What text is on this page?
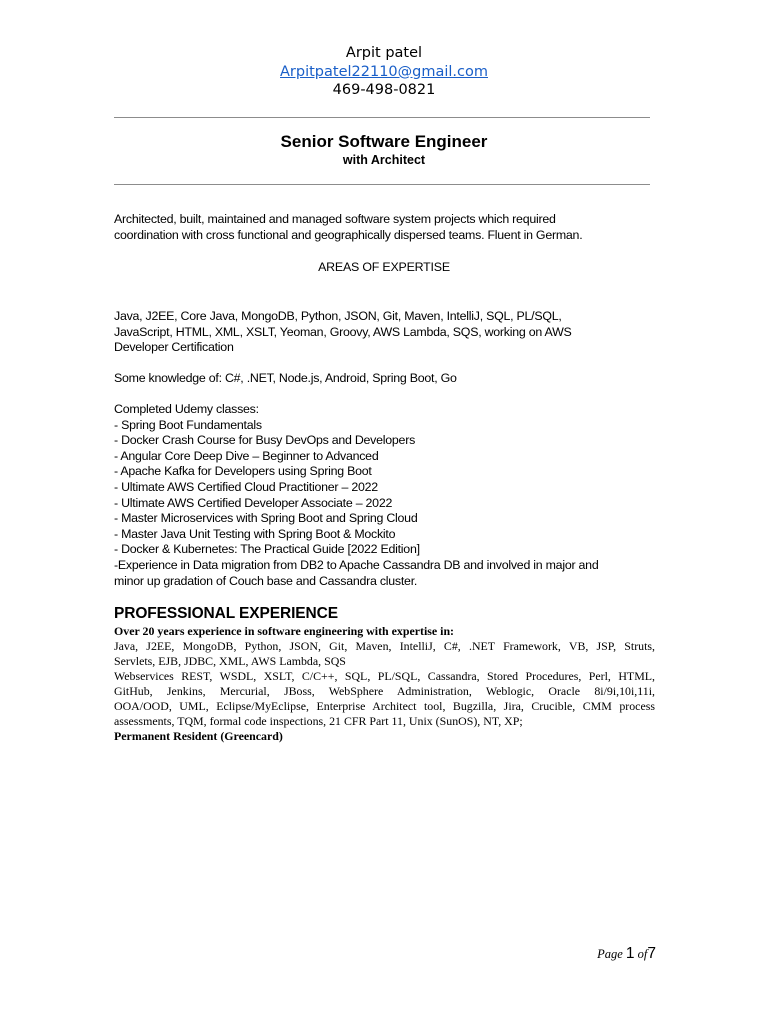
Arpit patel
Arpitpatel22110@gmail.com
469-498-0821
Senior Software Engineer
with Architect
Architected, built, maintained and managed software system projects which required
coordination with cross functional and geographically dispersed teams. Fluent in German.
AREAS OF EXPERTISE
Java, J2EE, Core Java, MongoDB, Python, JSON, Git, Maven, IntelliJ, SQL, PL/SQL,
JavaScript, HTML, XML, XSLT, Yeoman, Groovy, AWS Lambda, SQS, working on AWS
Developer Certification
Some knowledge of: C#, .NET, Node.js, Android, Spring Boot, Go
Completed Udemy classes:
- Spring Boot Fundamentals
- Docker Crash Course for Busy DevOps and Developers
- Angular Core Deep Dive – Beginner to Advanced
- Apache Kafka for Developers using Spring Boot
- Ultimate AWS Certified Cloud Practitioner – 2022
- Ultimate AWS Certified Developer Associate – 2022
- Master Microservices with Spring Boot and Spring Cloud
- Master Java Unit Testing with Spring Boot & Mockito
- Docker & Kubernetes: The Practical Guide [2022 Edition]
-Experience in Data migration from DB2 to Apache Cassandra DB and involved in major and
minor up gradation of Couch base and Cassandra cluster.
PROFESSIONAL EXPERIENCE
Over 20 years experience in software engineering with expertise in:
Java, J2EE, MongoDB, Python, JSON, Git, Maven, IntelliJ, C#, .NET Framework, VB, JSP, Struts,
Servlets, EJB, JDBC, XML, AWS Lambda, SQS
Webservices REST, WSDL, XSLT, C/C++, SQL, PL/SQL, Cassandra, Stored Procedures, Perl, HTML,
GitHub, Jenkins, Mercurial, JBoss, WebSphere Administration, Weblogic, Oracle 8i/9i,10i,11i,
OOA/OOD, UML, Eclipse/MyEclipse, Enterprise Architect tool, Bugzilla, Jira, Crucible, CMM process
assessments, TQM, formal code inspections, 21 CFR Part 11, Unix (SunOS), NT, XP;
Permanent Resident (Greencard)
Page 1 of7
